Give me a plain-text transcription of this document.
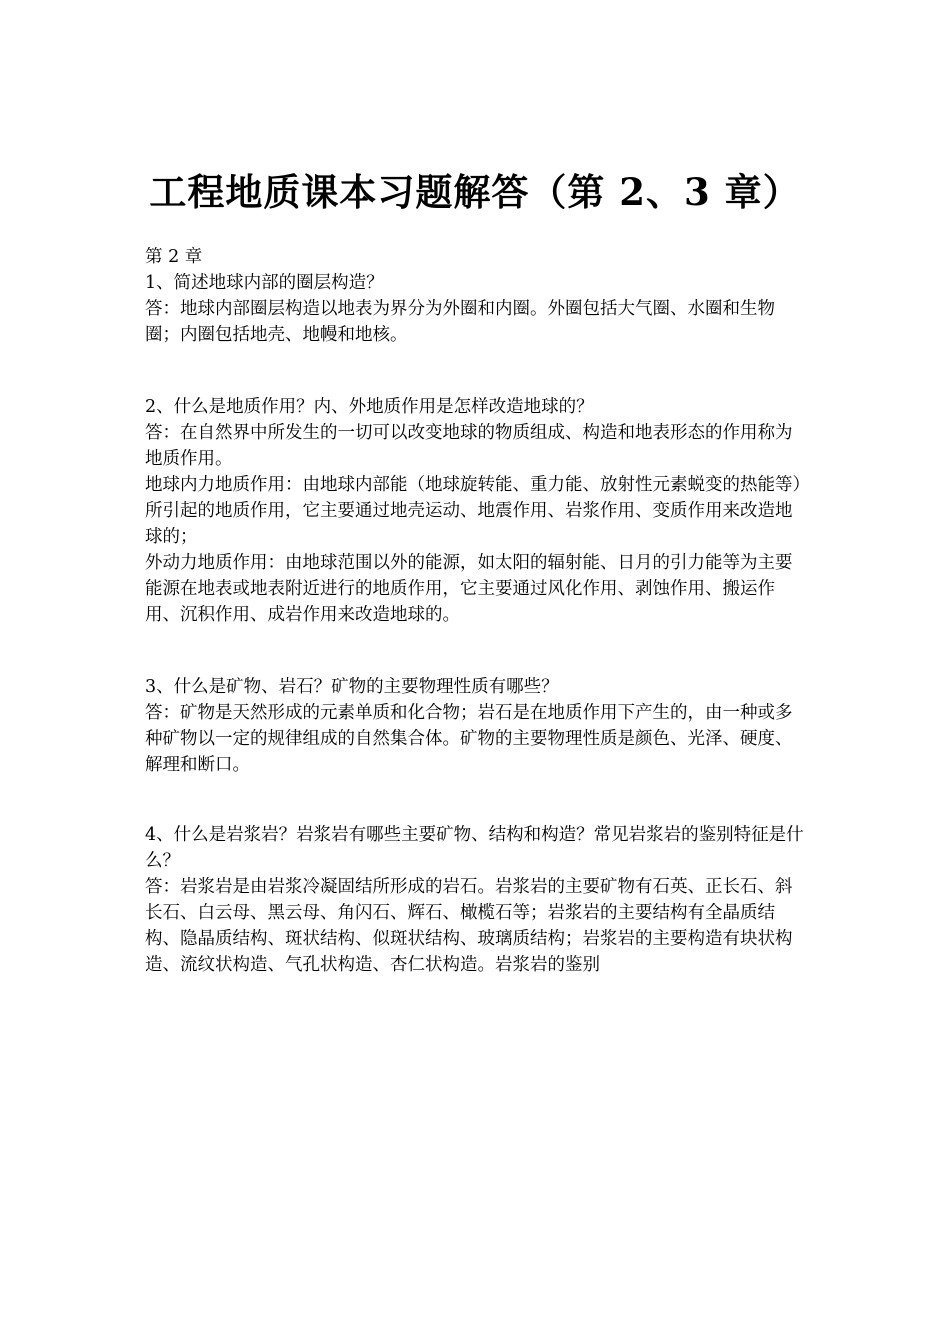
工程地质课本习题解答（第 2、3 章）

第 2 章

1、简述地球内部的圈层构造？

答：地球内部圈层构造以地表为界分为外圈和内圈。外圈包括大气圈、水圈和生物圈；内圈包括地壳、地幔和地核。

2、什么是地质作用？内、外地质作用是怎样改造地球的？

答：在自然界中所发生的一切可以改变地球的物质组成、构造和地表形态的作用称为地质作用。

地球内力地质作用：由地球内部能（地球旋转能、重力能、放射性元素蜕变的热能等）所引起的地质作用，它主要通过地壳运动、地震作用、岩浆作用、变质作用来改造地球的；

外动力地质作用：由地球范围以外的能源，如太阳的辐射能、日月的引力能等为主要能源在地表或地表附近进行的地质作用，它主要通过风化作用、剥蚀作用、搬运作用、沉积作用、成岩作用来改造地球的。

3、什么是矿物、岩石？矿物的主要物理性质有哪些？

答：矿物是天然形成的元素单质和化合物；岩石是在地质作用下产生的，由一种或多种矿物以一定的规律组成的自然集合体。矿物的主要物理性质是颜色、光泽、硬度、解理和断口。

4、什么是岩浆岩？岩浆岩有哪些主要矿物、结构和构造？常见岩浆岩的鉴别特征是什么？

答：岩浆岩是由岩浆冷凝固结所形成的岩石。岩浆岩的主要矿物有石英、正长石、斜长石、白云母、黑云母、角闪石、辉石、橄榄石等；岩浆岩的主要结构有全晶质结构、隐晶质结构、斑状结构、似斑状结构、玻璃质结构；岩浆岩的主要构造有块状构造、流纹状构造、气孔状构造、杏仁状构造。岩浆岩的鉴别
